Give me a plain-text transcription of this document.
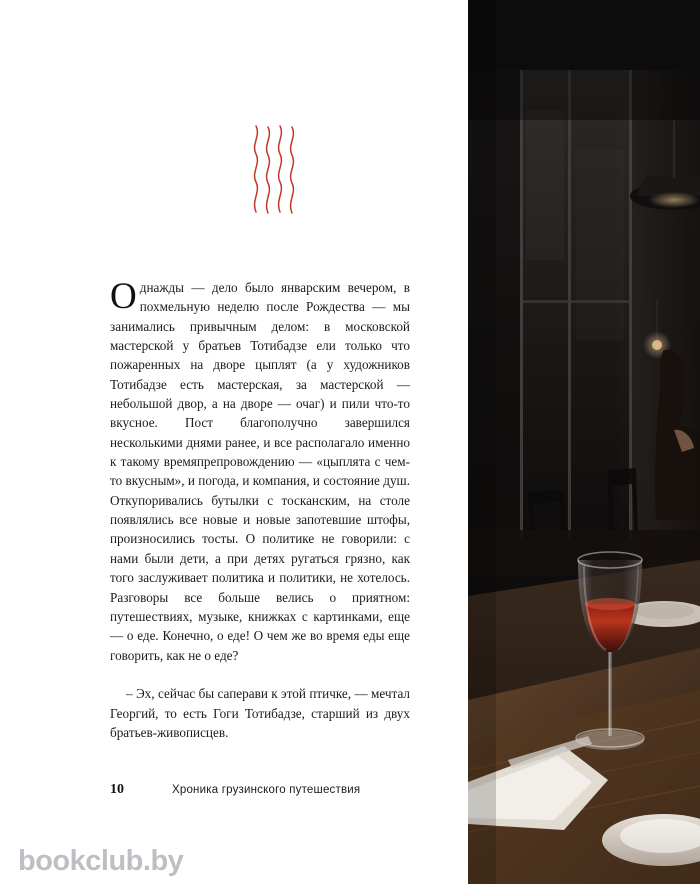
Однажды — дело было январским вечером, в похмельную неделю после Рождества — мы занимались привычным делом: в московской мастерской у братьев Тотибадзе ели только что пожаренных на дворе цыплят (а у художников Тотибадзе есть мастерская, за мастерской — небольшой двор, а на дворе — очаг) и пили что-то вкусное. Пост благополучно завершился несколькими днями ранее, и все располагало именно к такому времяпрепровождению — «цыплята с чем-то вкусным», и погода, и компания, и состояние душ. Откупоривались бутылки с тосканским, на столе появлялись все новые и новые запотевшие штофы, произносились тосты. О политике не говорили: с нами были дети, а при детях ругаться грязно, как того заслуживает политика и политики, не хотелось. Разговоры все больше велись о приятном: путешествиях, музыке, книжках с картинками, еще — о еде. Конечно, о еде! О чем же во время еды еще говорить, как не о еде?

– Эх, сейчас бы саперави к этой птичке, — мечтал Георгий, то есть Гоги Тотибадзе, старший из двух братьев-живописцев.

10	Хроника грузинского путешествия
bookclub.by
